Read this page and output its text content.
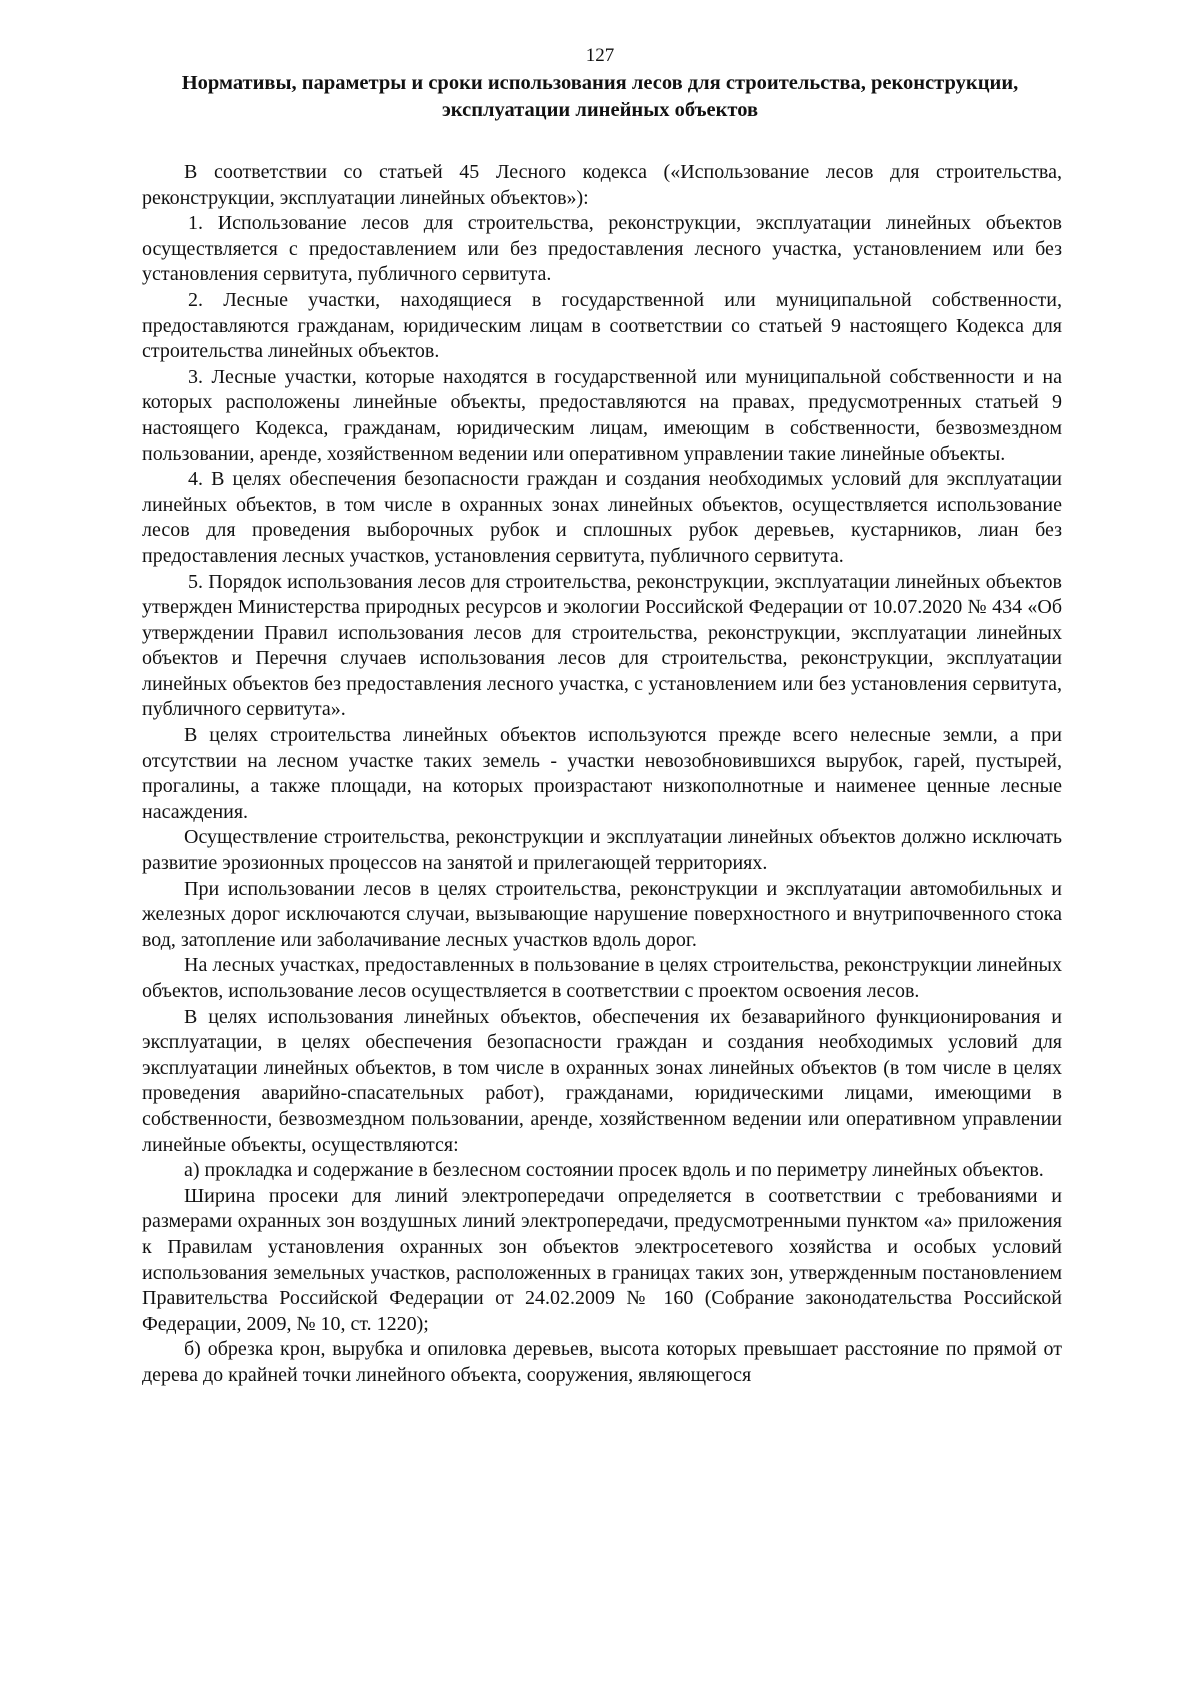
127
Нормативы, параметры и сроки использования лесов для строительства, реконструкции, эксплуатации линейных объектов

В соответствии со статьей 45 Лесного кодекса («Использование лесов для строительства, реконструкции, эксплуатации линейных объектов»):

1. Использование лесов для строительства, реконструкции, эксплуатации линейных объектов осуществляется с предоставлением или без предоставления лесного участка, установлением или без установления сервитута, публичного сервитута.

2. Лесные участки, находящиеся в государственной или муниципальной собственности, предоставляются гражданам, юридическим лицам в соответствии со статьей 9 настоящего Кодекса для строительства линейных объектов.

3. Лесные участки, которые находятся в государственной или муниципальной собственности и на которых расположены линейные объекты, предоставляются на правах, предусмотренных статьей 9 настоящего Кодекса, гражданам, юридическим лицам, имеющим в собственности, безвозмездном пользовании, аренде, хозяйственном ведении или оперативном управлении такие линейные объекты.

4. В целях обеспечения безопасности граждан и создания необходимых условий для эксплуатации линейных объектов, в том числе в охранных зонах линейных объектов, осуществляется использование лесов для проведения выборочных рубок и сплошных рубок деревьев, кустарников, лиан без предоставления лесных участков, установления сервитута, публичного сервитута.

5. Порядок использования лесов для строительства, реконструкции, эксплуатации линейных объектов утвержден Министерства природных ресурсов и экологии Российской Федерации от 10.07.2020 № 434 «Об утверждении Правил использования лесов для строительства, реконструкции, эксплуатации линейных объектов и Перечня случаев использования лесов для строительства, реконструкции, эксплуатации линейных объектов без предоставления лесного участка, с установлением или без установления сервитута, публичного сервитута».

В целях строительства линейных объектов используются прежде всего нелесные земли, а при отсутствии на лесном участке таких земель - участки невозобновившихся вырубок, гарей, пустырей, прогалины, а также площади, на которых произрастают низкополнотные и наименее ценные лесные насаждения.

Осуществление строительства, реконструкции и эксплуатации линейных объектов должно исключать развитие эрозионных процессов на занятой и прилегающей территориях.

При использовании лесов в целях строительства, реконструкции и эксплуатации автомобильных и железных дорог исключаются случаи, вызывающие нарушение поверхностного и внутрипочвенного стока вод, затопление или заболачивание лесных участков вдоль дорог.

На лесных участках, предоставленных в пользование в целях строительства, реконструкции линейных объектов, использование лесов осуществляется в соответствии с проектом освоения лесов.

В целях использования линейных объектов, обеспечения их безаварийного функционирования и эксплуатации, в целях обеспечения безопасности граждан и создания необходимых условий для эксплуатации линейных объектов, в том числе в охранных зонах линейных объектов (в том числе в целях проведения аварийно-спасательных работ), гражданами, юридическими лицами, имеющими в собственности, безвозмездном пользовании, аренде, хозяйственном ведении или оперативном управлении линейные объекты, осуществляются:

а) прокладка и содержание в безлесном состоянии просек вдоль и по периметру линейных объектов.

Ширина просеки для линий электропередачи определяется в соответствии с требованиями и размерами охранных зон воздушных линий электропередачи, предусмотренными пунктом «а» приложения к Правилам установления охранных зон объектов электросетевого хозяйства и особых условий использования земельных участков, расположенных в границах таких зон, утвержденным постановлением Правительства Российской Федерации от 24.02.2009 № 160 (Собрание законодательства Российской Федерации, 2009, № 10, ст. 1220);

б) обрезка крон, вырубка и опиловка деревьев, высота которых превышает расстояние по прямой от дерева до крайней точки линейного объекта, сооружения, являющегося
